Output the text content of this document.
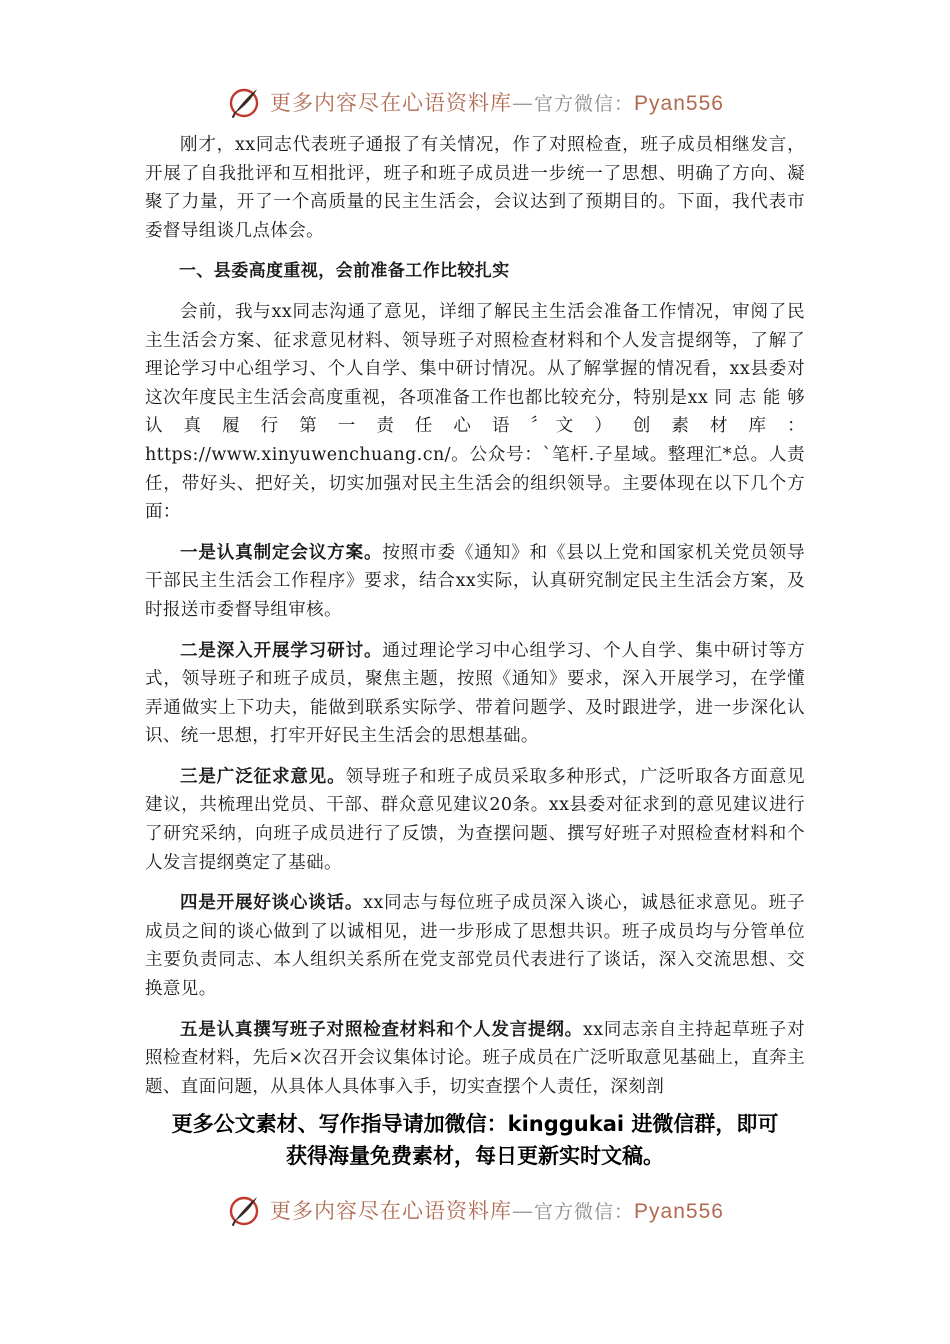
更多内容尽在心语资料库—官方微信：Pyan556

刚才，xx同志代表班子通报了有关情况，作了对照检查，班子成员相继发言，开展了自我批评和互相批评，班子和班子成员进一步统一了思想、明确了方向、凝聚了力量，开了一个高质量的民主生活会，会议达到了预期目的。下面，我代表市委督导组谈几点体会。

一、县委高度重视，会前准备工作比较扎实

会前，我与xx同志沟通了意见，详细了解民主生活会准备工作情况，审阅了民主生活会方案、征求意见材料、领导班子对照检查材料和个人发言提纲等，了解了理论学习中心组学习、个人自学、集中研讨情况。从了解掌握的情况看，xx县委对这次年度民主生活会高度重视，各项准备工作也都比较充分，特别是xx 同 志 能 够 认 真 履 行 第 一 责 任 心 语 〞文 ） 创 素 材 库 ： https://www.xinyuwenchuang.cn/。公众号：`笔杆.子星域。整理汇*总。人责任，带好头、把好关，切实加强对民主生活会的组织领导。主要体现在以下几个方面：

一是认真制定会议方案。按照市委《通知》和《县以上党和国家机关党员领导干部民主生活会工作程序》要求，结合xx实际，认真研究制定民主生活会方案，及时报送市委督导组审核。

二是深入开展学习研讨。通过理论学习中心组学习、个人自学、集中研讨等方式，领导班子和班子成员，聚焦主题，按照《通知》要求，深入开展学习，在学懂弄通做实上下功夫，能做到联系实际学、带着问题学、及时跟进学，进一步深化认识、统一思想，打牢开好民主生活会的思想基础。

三是广泛征求意见。领导班子和班子成员采取多种形式，广泛听取各方面意见建议，共梳理出党员、干部、群众意见建议20条。xx县委对征求到的意见建议进行了研究采纳，向班子成员进行了反馈，为查摆问题、撰写好班子对照检查材料和个人发言提纲奠定了基础。

四是开展好谈心谈话。xx同志与每位班子成员深入谈心，诚恳征求意见。班子成员之间的谈心做到了以诚相见，进一步形成了思想共识。班子成员均与分管单位主要负责同志、本人组织关系所在党支部党员代表进行了谈话，深入交流思想、交换意见。

五是认真撰写班子对照检查材料和个人发言提纲。xx同志亲自主持起草班子对照检查材料，先后×次召开会议集体讨论。班子成员在广泛听取意见基础上，直奔主题、直面问题，从具体人具体事入手，切实查摆个人责任，深刻剖

更多公文素材、写作指导请加微信：kinggukai 进微信群，即可
获得海量免费素材，每日更新实时文稿。
更多内容尽在心语资料库—官方微信：Pyan556
